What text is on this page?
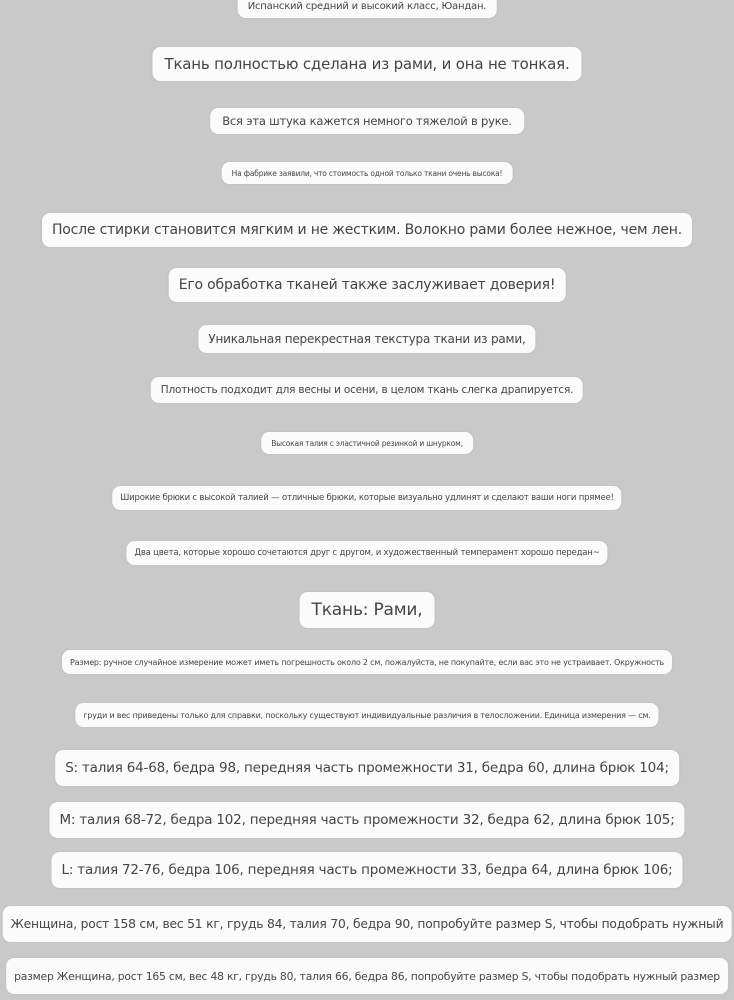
Испанский средний и высокий класс, Юандан.
Ткань полностью сделана из рами, и она не тонкая.
Вся эта штука кажется немного тяжелой в руке.
На фабрике заявили, что стоимость одной только ткани очень высока!
После стирки становится мягким и не жестким. Волокно рами более нежное, чем лен.
Его обработка тканей также заслуживает доверия!
Уникальная перекрестная текстура ткани из рами,
Плотность подходит для весны и осени, в целом ткань слегка драпируется.
Высокая талия с эластичной резинкой и шнурком,
Широкие брюки с высокой талией — отличные брюки, которые визуально удлинят и сделают ваши ноги прямее!
Два цвета, которые хорошо сочетаются друг с другом, и художественный темперамент хорошо передан~
Ткань: Рами,
Размер: ручное случайное измерение может иметь погрешность около 2 см, пожалуйста, не покупайте, если вас это не устраивает. Окружность
груди и вес приведены только для справки, поскольку существуют индивидуальные различия в телосложении. Единица измерения — см.
S: талия 64-68, бедра 98, передняя часть промежности 31, бедра 60, длина брюк 104;
M: талия 68-72, бедра 102, передняя часть промежности 32, бедра 62, длина брюк 105;
L: талия 72-76, бедра 106, передняя часть промежности 33, бедра 64, длина брюк 106;
Женщина, рост 158 см, вес 51 кг, грудь 84, талия 70, бедра 90, попробуйте размер S, чтобы подобрать нужный
размер Женщина, рост 165 см, вес 48 кг, грудь 80, талия 66, бедра 86, попробуйте размер S, чтобы подобрать нужный размер
